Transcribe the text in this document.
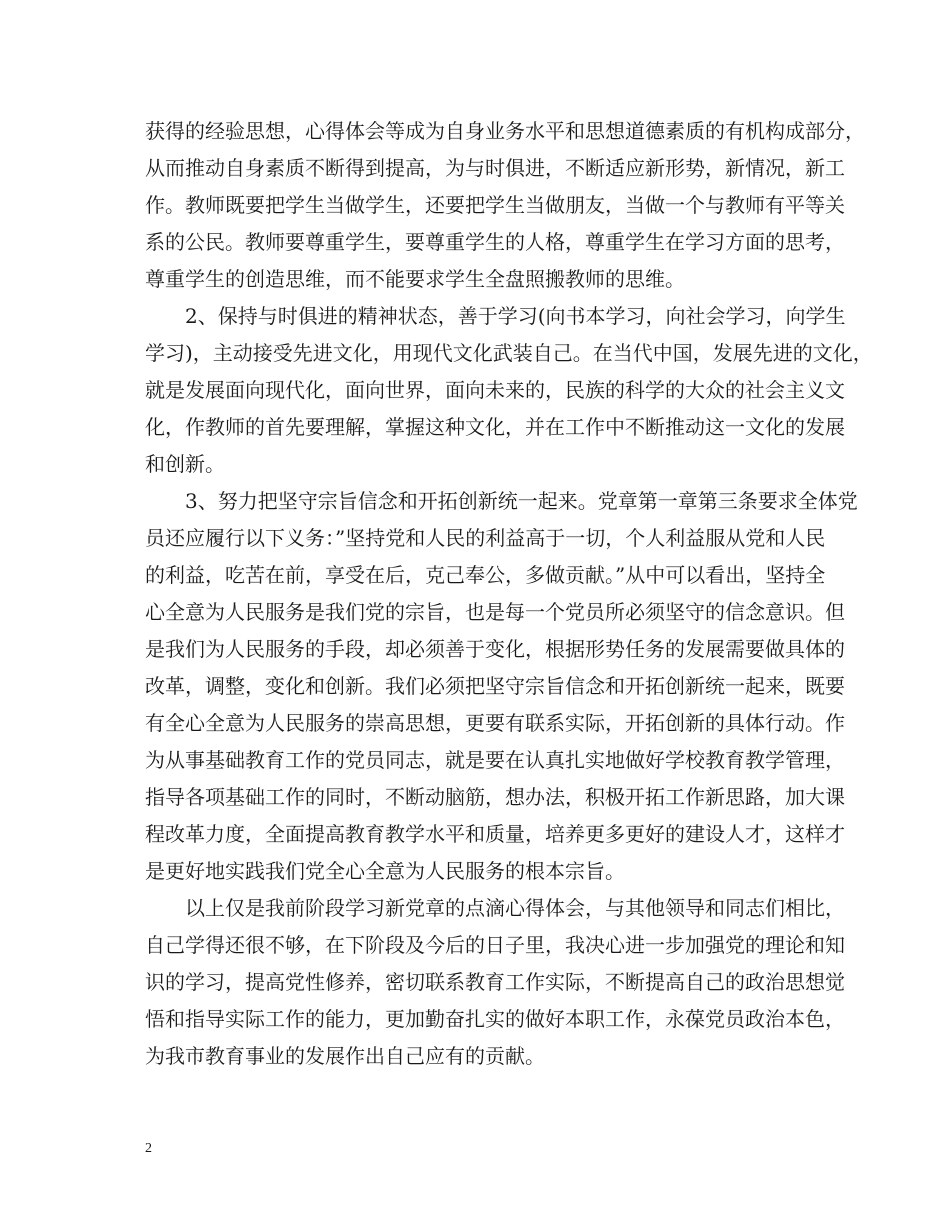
获得的经验思想，心得体会等成为自身业务水平和思想道德素质的有机构成部分，
从而推动自身素质不断得到提高，为与时俱进，不断适应新形势，新情况，新工
作。教师既要把学生当做学生，还要把学生当做朋友，当做一个与教师有平等关
系的公民。教师要尊重学生，要尊重学生的人格，尊重学生在学习方面的思考，
尊重学生的创造思维，而不能要求学生全盘照搬教师的思维。
2、保持与时俱进的精神状态，善于学习(向书本学习，向社会学习，向学生
学习)，主动接受先进文化，用现代文化武装自己。在当代中国，发展先进的文化，
就是发展面向现代化，面向世界，面向未来的，民族的科学的大众的社会主义文
化，作教师的首先要理解，掌握这种文化，并在工作中不断推动这一文化的发展
和创新。
3、努力把坚守宗旨信念和开拓创新统一起来。党章第一章第三条要求全体党
员还应履行以下义务：”坚持党和人民的利益高于一切，个人利益服从党和人民
的利益，吃苦在前，享受在后，克己奉公，多做贡献。”从中可以看出，坚持全
心全意为人民服务是我们党的宗旨，也是每一个党员所必须坚守的信念意识。但
是我们为人民服务的手段，却必须善于变化，根据形势任务的发展需要做具体的
改革，调整，变化和创新。我们必须把坚守宗旨信念和开拓创新统一起来，既要
有全心全意为人民服务的崇高思想，更要有联系实际，开拓创新的具体行动。作
为从事基础教育工作的党员同志，就是要在认真扎实地做好学校教育教学管理，
指导各项基础工作的同时，不断动脑筋，想办法，积极开拓工作新思路，加大课
程改革力度，全面提高教育教学水平和质量，培养更多更好的建设人才，这样才
是更好地实践我们党全心全意为人民服务的根本宗旨。
以上仅是我前阶段学习新党章的点滴心得体会，与其他领导和同志们相比，
自己学得还很不够，在下阶段及今后的日子里，我决心进一步加强党的理论和知
识的学习，提高党性修养，密切联系教育工作实际，不断提高自己的政治思想觉
悟和指导实际工作的能力，更加勤奋扎实的做好本职工作，永葆党员政治本色，
为我市教育事业的发展作出自己应有的贡献。
2
